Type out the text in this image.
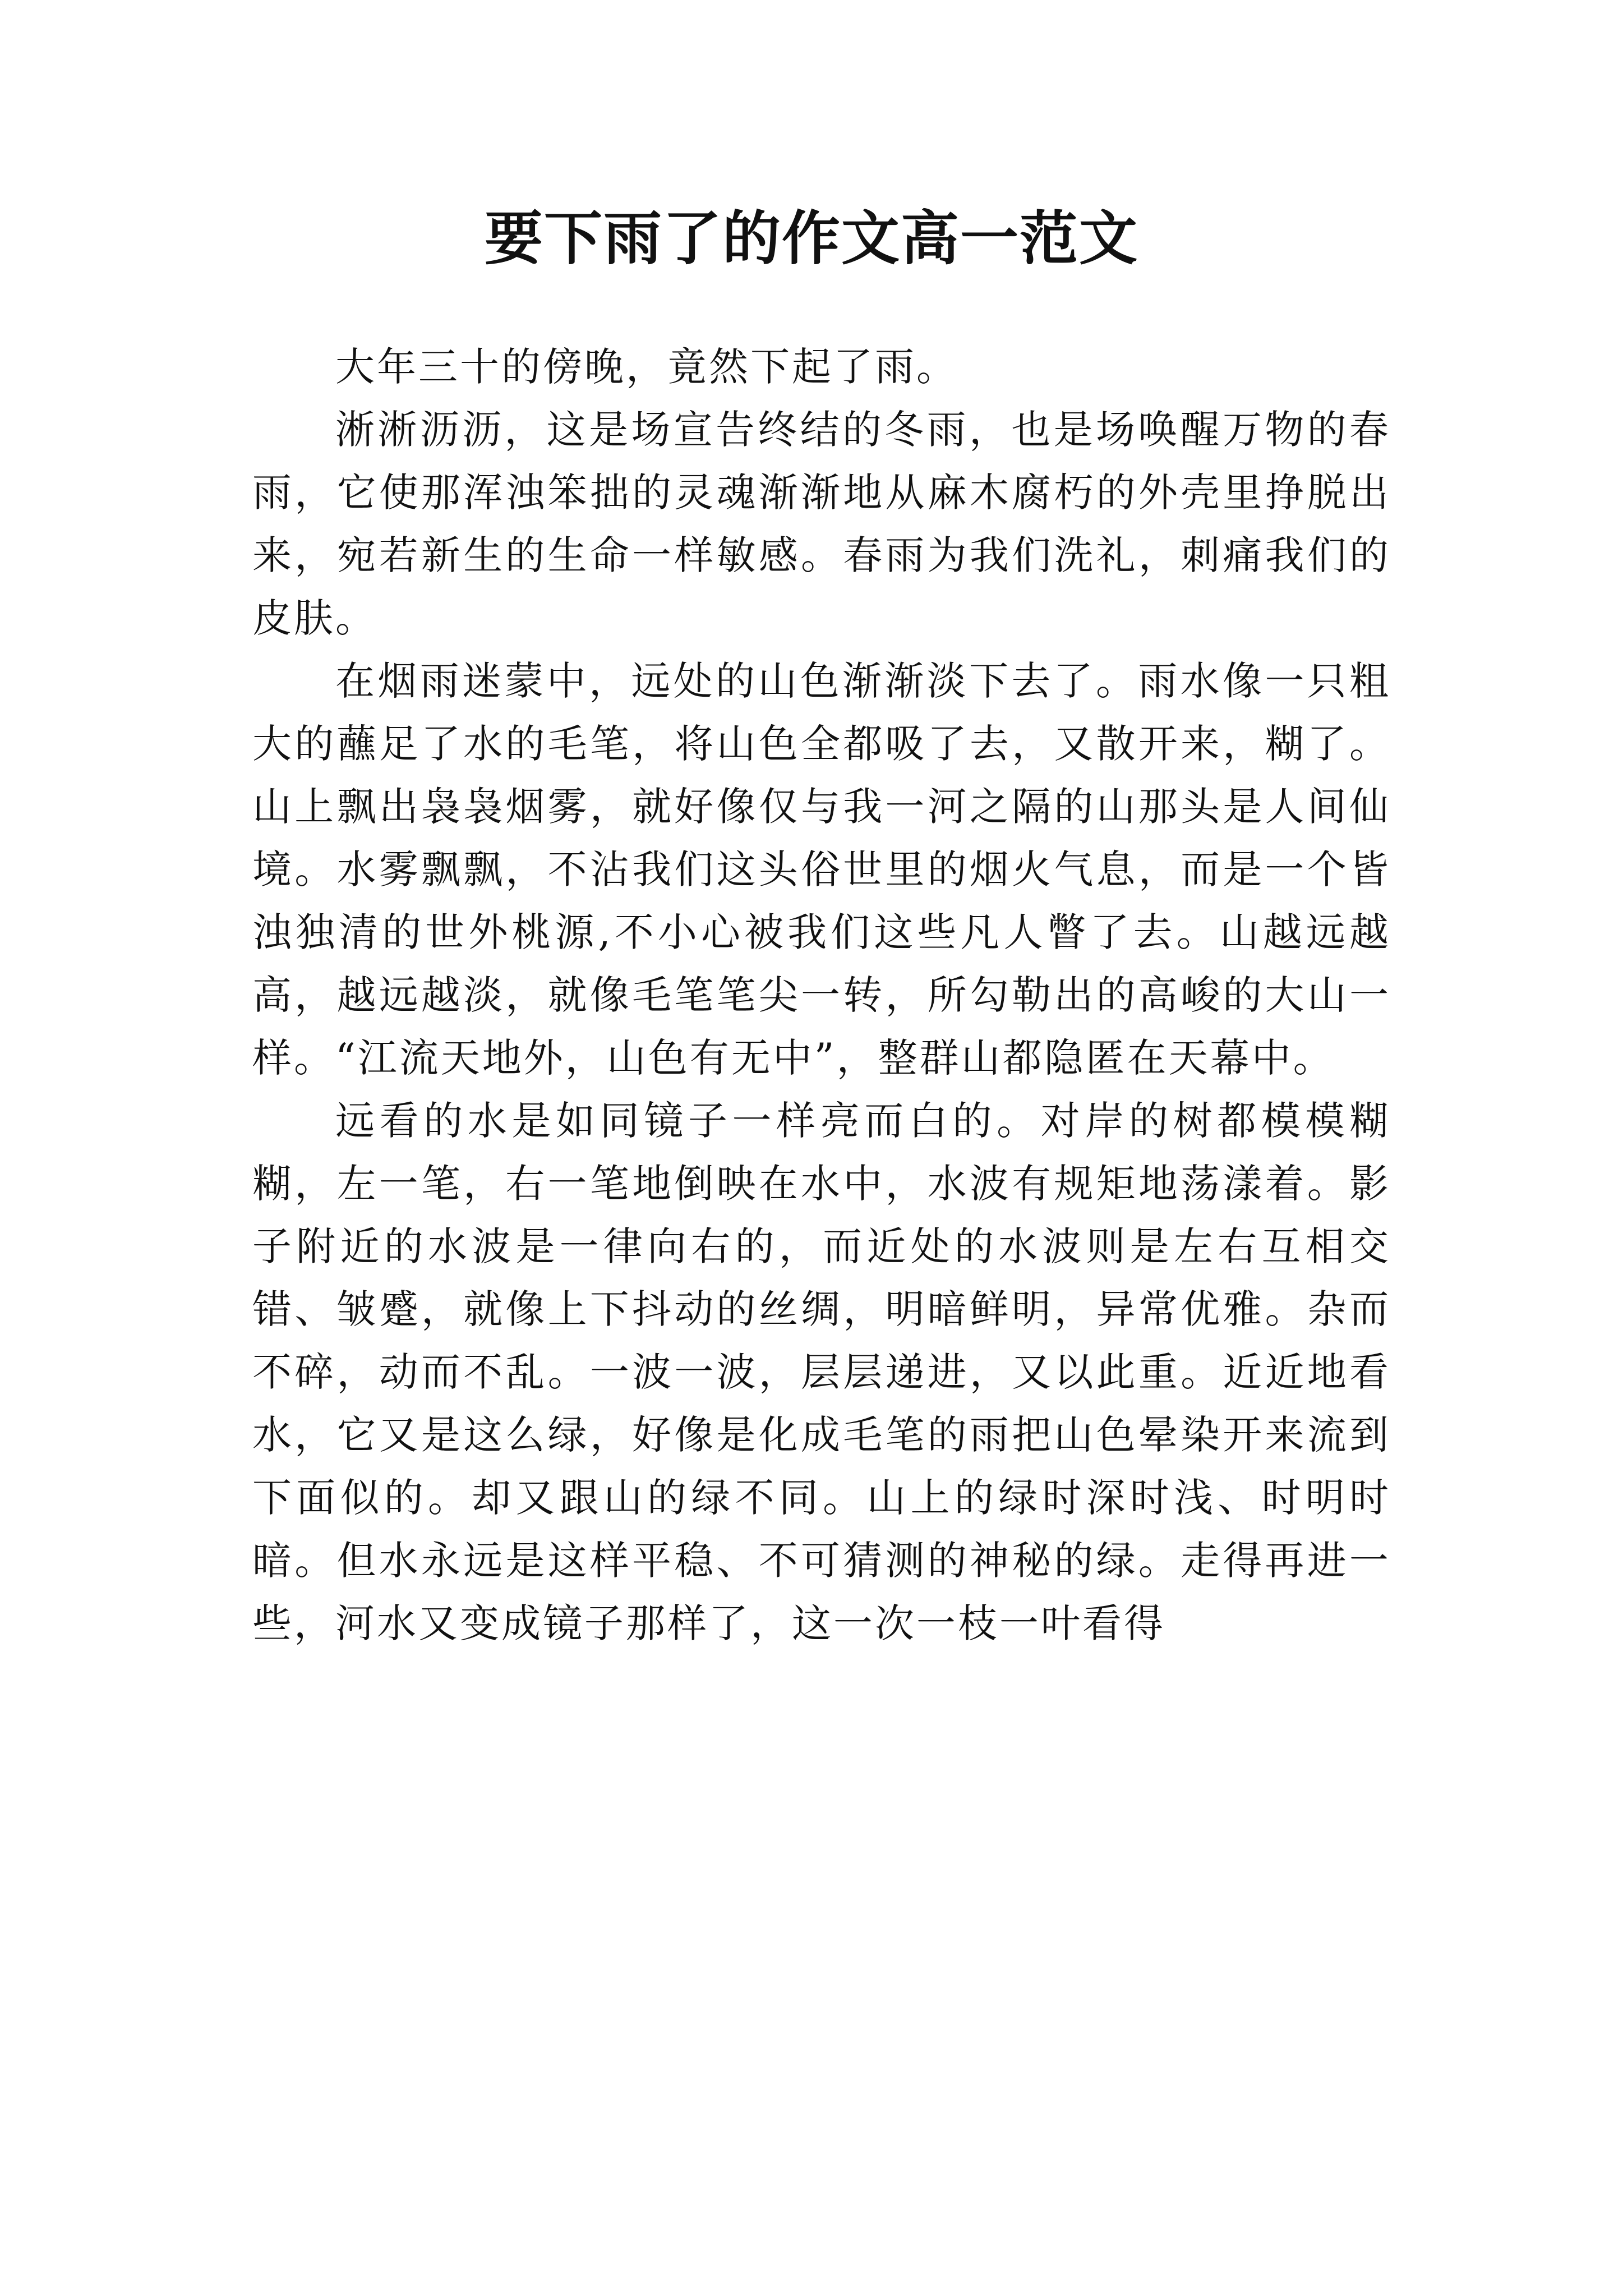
要下雨了的作文高一范文

大年三十的傍晚，竟然下起了雨。

淅淅沥沥，这是场宣告终结的冬雨，也是场唤醒万物的春雨，它使那浑浊笨拙的灵魂渐渐地从麻木腐朽的外壳里挣脱出来，宛若新生的生命一样敏感。春雨为我们洗礼，刺痛我们的皮肤。

在烟雨迷蒙中，远处的山色渐渐淡下去了。雨水像一只粗大的蘸足了水的毛笔，将山色全都吸了去，又散开来，糊了。山上飘出袅袅烟雾，就好像仅与我一河之隔的山那头是人间仙境。水雾飘飘，不沾我们这头俗世里的烟火气息，而是一个皆浊独清的世外桃源,不小心被我们这些凡人瞥了去。山越远越高，越远越淡，就像毛笔笔尖一转，所勾勒出的高峻的大山一样。“江流天地外，山色有无中”，整群山都隐匿在天幕中。

远看的水是如同镜子一样亮而白的。对岸的树都模模糊糊，左一笔，右一笔地倒映在水中，水波有规矩地荡漾着。影子附近的水波是一律向右的，而近处的水波则是左右互相交错、皱蹙，就像上下抖动的丝绸，明暗鲜明，异常优雅。杂而不碎，动而不乱。一波一波，层层递进，又以此重。近近地看水，它又是这么绿，好像是化成毛笔的雨把山色晕染开来流到下面似的。却又跟山的绿不同。山上的绿时深时浅、时明时暗。但水永远是这样平稳、不可猜测的神秘的绿。走得再进一些，河水又变成镜子那样了，这一次一枝一叶看得
